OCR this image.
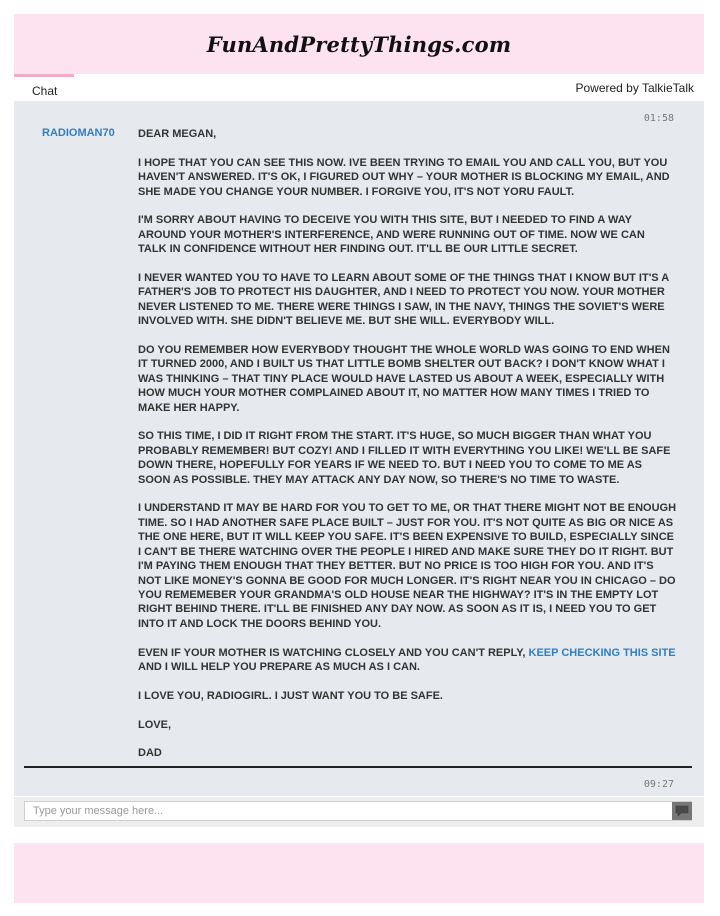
FunAndPrettyThings.com
Chat	Powered by TalkieTalk
01:58
RADIOMAN70 DEAR MEGAN,

I HOPE THAT YOU CAN SEE THIS NOW. IVE BEEN TRYING TO EMAIL YOU AND CALL YOU, BUT YOU HAVEN'T ANSWERED. IT'S OK, I FIGURED OUT WHY – YOUR MOTHER IS BLOCKING MY EMAIL, AND SHE MADE YOU CHANGE YOUR NUMBER. I FORGIVE YOU, IT'S NOT YORU FAULT.

I'M SORRY ABOUT HAVING TO DECEIVE YOU WITH THIS SITE, BUT I NEEDED TO FIND A WAY AROUND YOUR MOTHER'S INTERFERENCE, AND WERE RUNNING OUT OF TIME. NOW WE CAN TALK IN CONFIDENCE WITHOUT HER FINDING OUT. IT'LL BE OUR LITTLE SECRET.

I NEVER WANTED YOU TO HAVE TO LEARN ABOUT SOME OF THE THINGS THAT I KNOW BUT IT'S A FATHER'S JOB TO PROTECT HIS DAUGHTER, AND I NEED TO PROTECT YOU NOW. YOUR MOTHER NEVER LISTENED TO ME. THERE WERE THINGS I SAW, IN THE NAVY, THINGS THE SOVIET'S WERE INVOLVED WITH. SHE DIDN'T BELIEVE ME. BUT SHE WILL. EVERYBODY WILL.

DO YOU REMEMBER HOW EVERYBODY THOUGHT THE WHOLE WORLD WAS GOING TO END WHEN IT TURNED 2000, AND I BUILT US THAT LITTLE BOMB SHELTER OUT BACK? I DON'T KNOW WHAT I WAS THINKING – THAT TINY PLACE WOULD HAVE LASTED US ABOUT A WEEK, ESPECIALLY WITH HOW MUCH YOUR MOTHER COMPLAINED ABOUT IT, NO MATTER HOW MANY TIMES I TRIED TO MAKE HER HAPPY.

SO THIS TIME, I DID IT RIGHT FROM THE START. IT'S HUGE, SO MUCH BIGGER THAN WHAT YOU PROBABLY REMEMBER! BUT COZY! AND I FILLED IT WITH EVERYTHING YOU LIKE! WE'LL BE SAFE DOWN THERE, HOPEFULLY FOR YEARS IF WE NEED TO. BUT I NEED YOU TO COME TO ME AS SOON AS POSSIBLE. THEY MAY ATTACK ANY DAY NOW, SO THERE'S NO TIME TO WASTE.

I UNDERSTAND IT MAY BE HARD FOR YOU TO GET TO ME, OR THAT THERE MIGHT NOT BE ENOUGH TIME. SO I HAD ANOTHER SAFE PLACE BUILT – JUST FOR YOU. IT'S NOT QUITE AS BIG OR NICE AS THE ONE HERE, BUT IT WILL KEEP YOU SAFE. IT'S BEEN EXPENSIVE TO BUILD, ESPECIALLY SINCE I CAN'T BE THERE WATCHING OVER THE PEOPLE I HIRED AND MAKE SURE THEY DO IT RIGHT. BUT I'M PAYING THEM ENOUGH THAT THEY BETTER. BUT NO PRICE IS TOO HIGH FOR YOU. AND IT'S NOT LIKE MONEY'S GONNA BE GOOD FOR MUCH LONGER. IT'S RIGHT NEAR YOU IN CHICAGO – DO YOU REMEMEBER YOUR GRANDMA'S OLD HOUSE NEAR THE HIGHWAY? IT'S IN THE EMPTY LOT RIGHT BEHIND THERE. IT'LL BE FINISHED ANY DAY NOW. AS SOON AS IT IS, I NEED YOU TO GET INTO IT AND LOCK THE DOORS BEHIND YOU.

EVEN IF YOUR MOTHER IS WATCHING CLOSELY AND YOU CAN'T REPLY, KEEP CHECKING THIS SITE AND I WILL HELP YOU PREPARE AS MUCH AS I CAN.

I LOVE YOU, RADIOGIRL. I JUST WANT YOU TO BE SAFE.

LOVE,

DAD

09:27
Type your message here...
